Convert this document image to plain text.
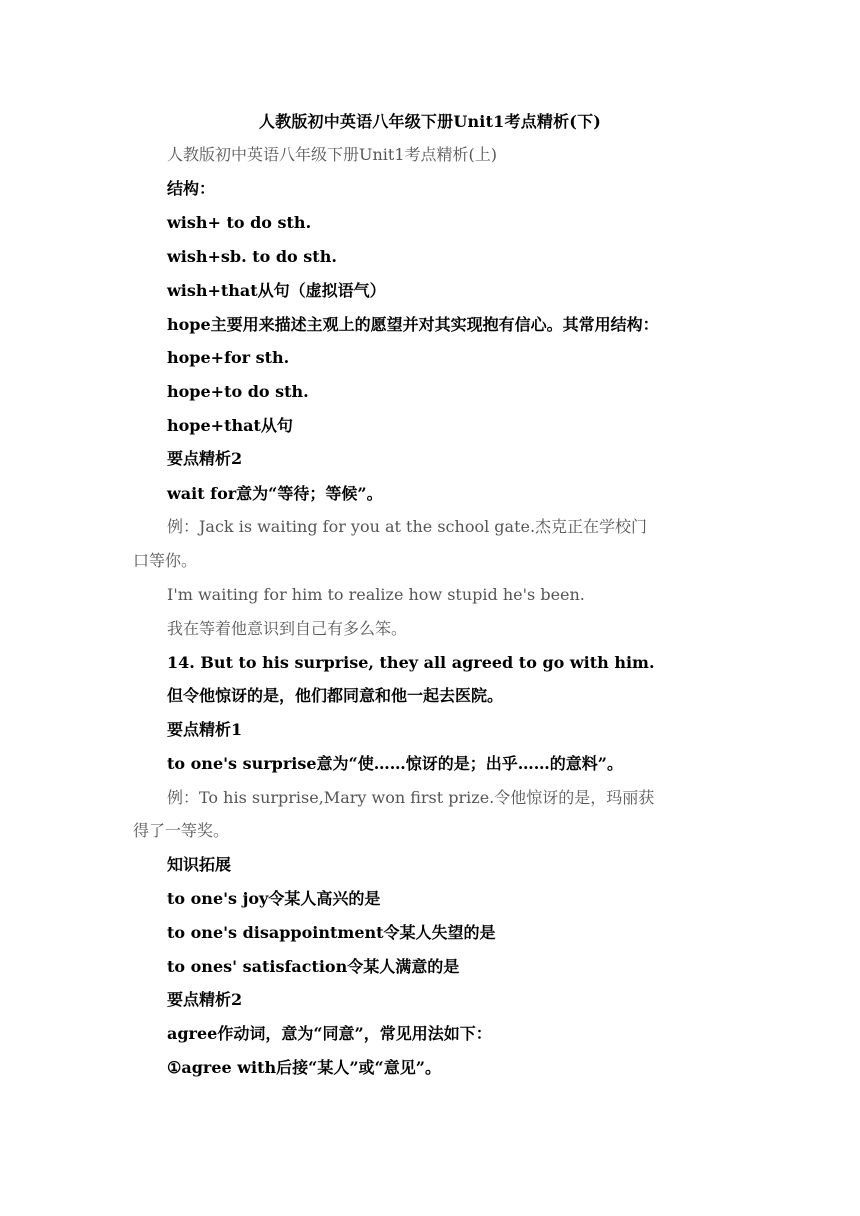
人教版初中英语八年级下册Unit1考点精析(下)
人教版初中英语八年级下册Unit1考点精析(上)
结构：
wish+ to do sth.
wish+sb. to do sth.
wish+that从句（虚拟语气）
hope主要用来描述主观上的愿望并对其实现抱有信心。其常用结构：
hope+for sth.
hope+to do sth.
hope+that从句
要点精析2
wait for意为“等待；等候”。
例：Jack is waiting for you at the school gate.杰克正在学校门
口等你。
I'm waiting for him to realize how stupid he's been.
我在等着他意识到自己有多么笨。
14. But to his surprise, they all agreed to go with him.
但令他惊讶的是，他们都同意和他一起去医院。
要点精析1
to one's surprise意为“使……惊讶的是；出乎……的意料”。
例：To his surprise,Mary won first prize.令他惊讶的是，玛丽获
得了一等奖。
知识拓展
to one's joy令某人高兴的是
to one's disappointment令某人失望的是
to ones' satisfaction令某人满意的是
要点精析2
agree作动词，意为“同意”，常见用法如下：
①agree with后接“某人”或“意见”。
